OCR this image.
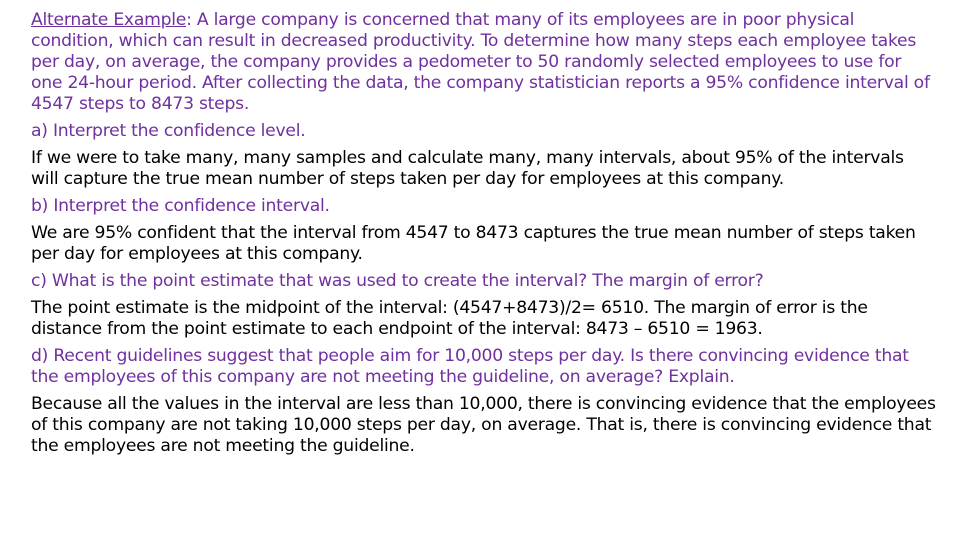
Alternate Example: A large company is concerned that many of its employees are in poor physical condition, which can result in decreased productivity. To determine how many steps each employee takes per day, on average, the company provides a pedometer to 50 randomly selected employees to use for one 24-hour period. After collecting the data, the company statistician reports a 95% confidence interval of 4547 steps to 8473 steps.

a) Interpret the confidence level.

If we were to take many, many samples and calculate many, many intervals, about 95% of the intervals will capture the true mean number of steps taken per day for employees at this company.

b) Interpret the confidence interval.

We are 95% confident that the interval from 4547 to 8473 captures the true mean number of steps taken per day for employees at this company.

c) What is the point estimate that was used to create the interval? The margin of error?

The point estimate is the midpoint of the interval: (4547+8473)/2= 6510. The margin of error is the distance from the point estimate to each endpoint of the interval: 8473 – 6510 = 1963.

d) Recent guidelines suggest that people aim for 10,000 steps per day. Is there convincing evidence that the employees of this company are not meeting the guideline, on average? Explain.

Because all the values in the interval are less than 10,000, there is convincing evidence that the employees of this company are not taking 10,000 steps per day, on average. That is, there is convincing evidence that the employees are not meeting the guideline.
